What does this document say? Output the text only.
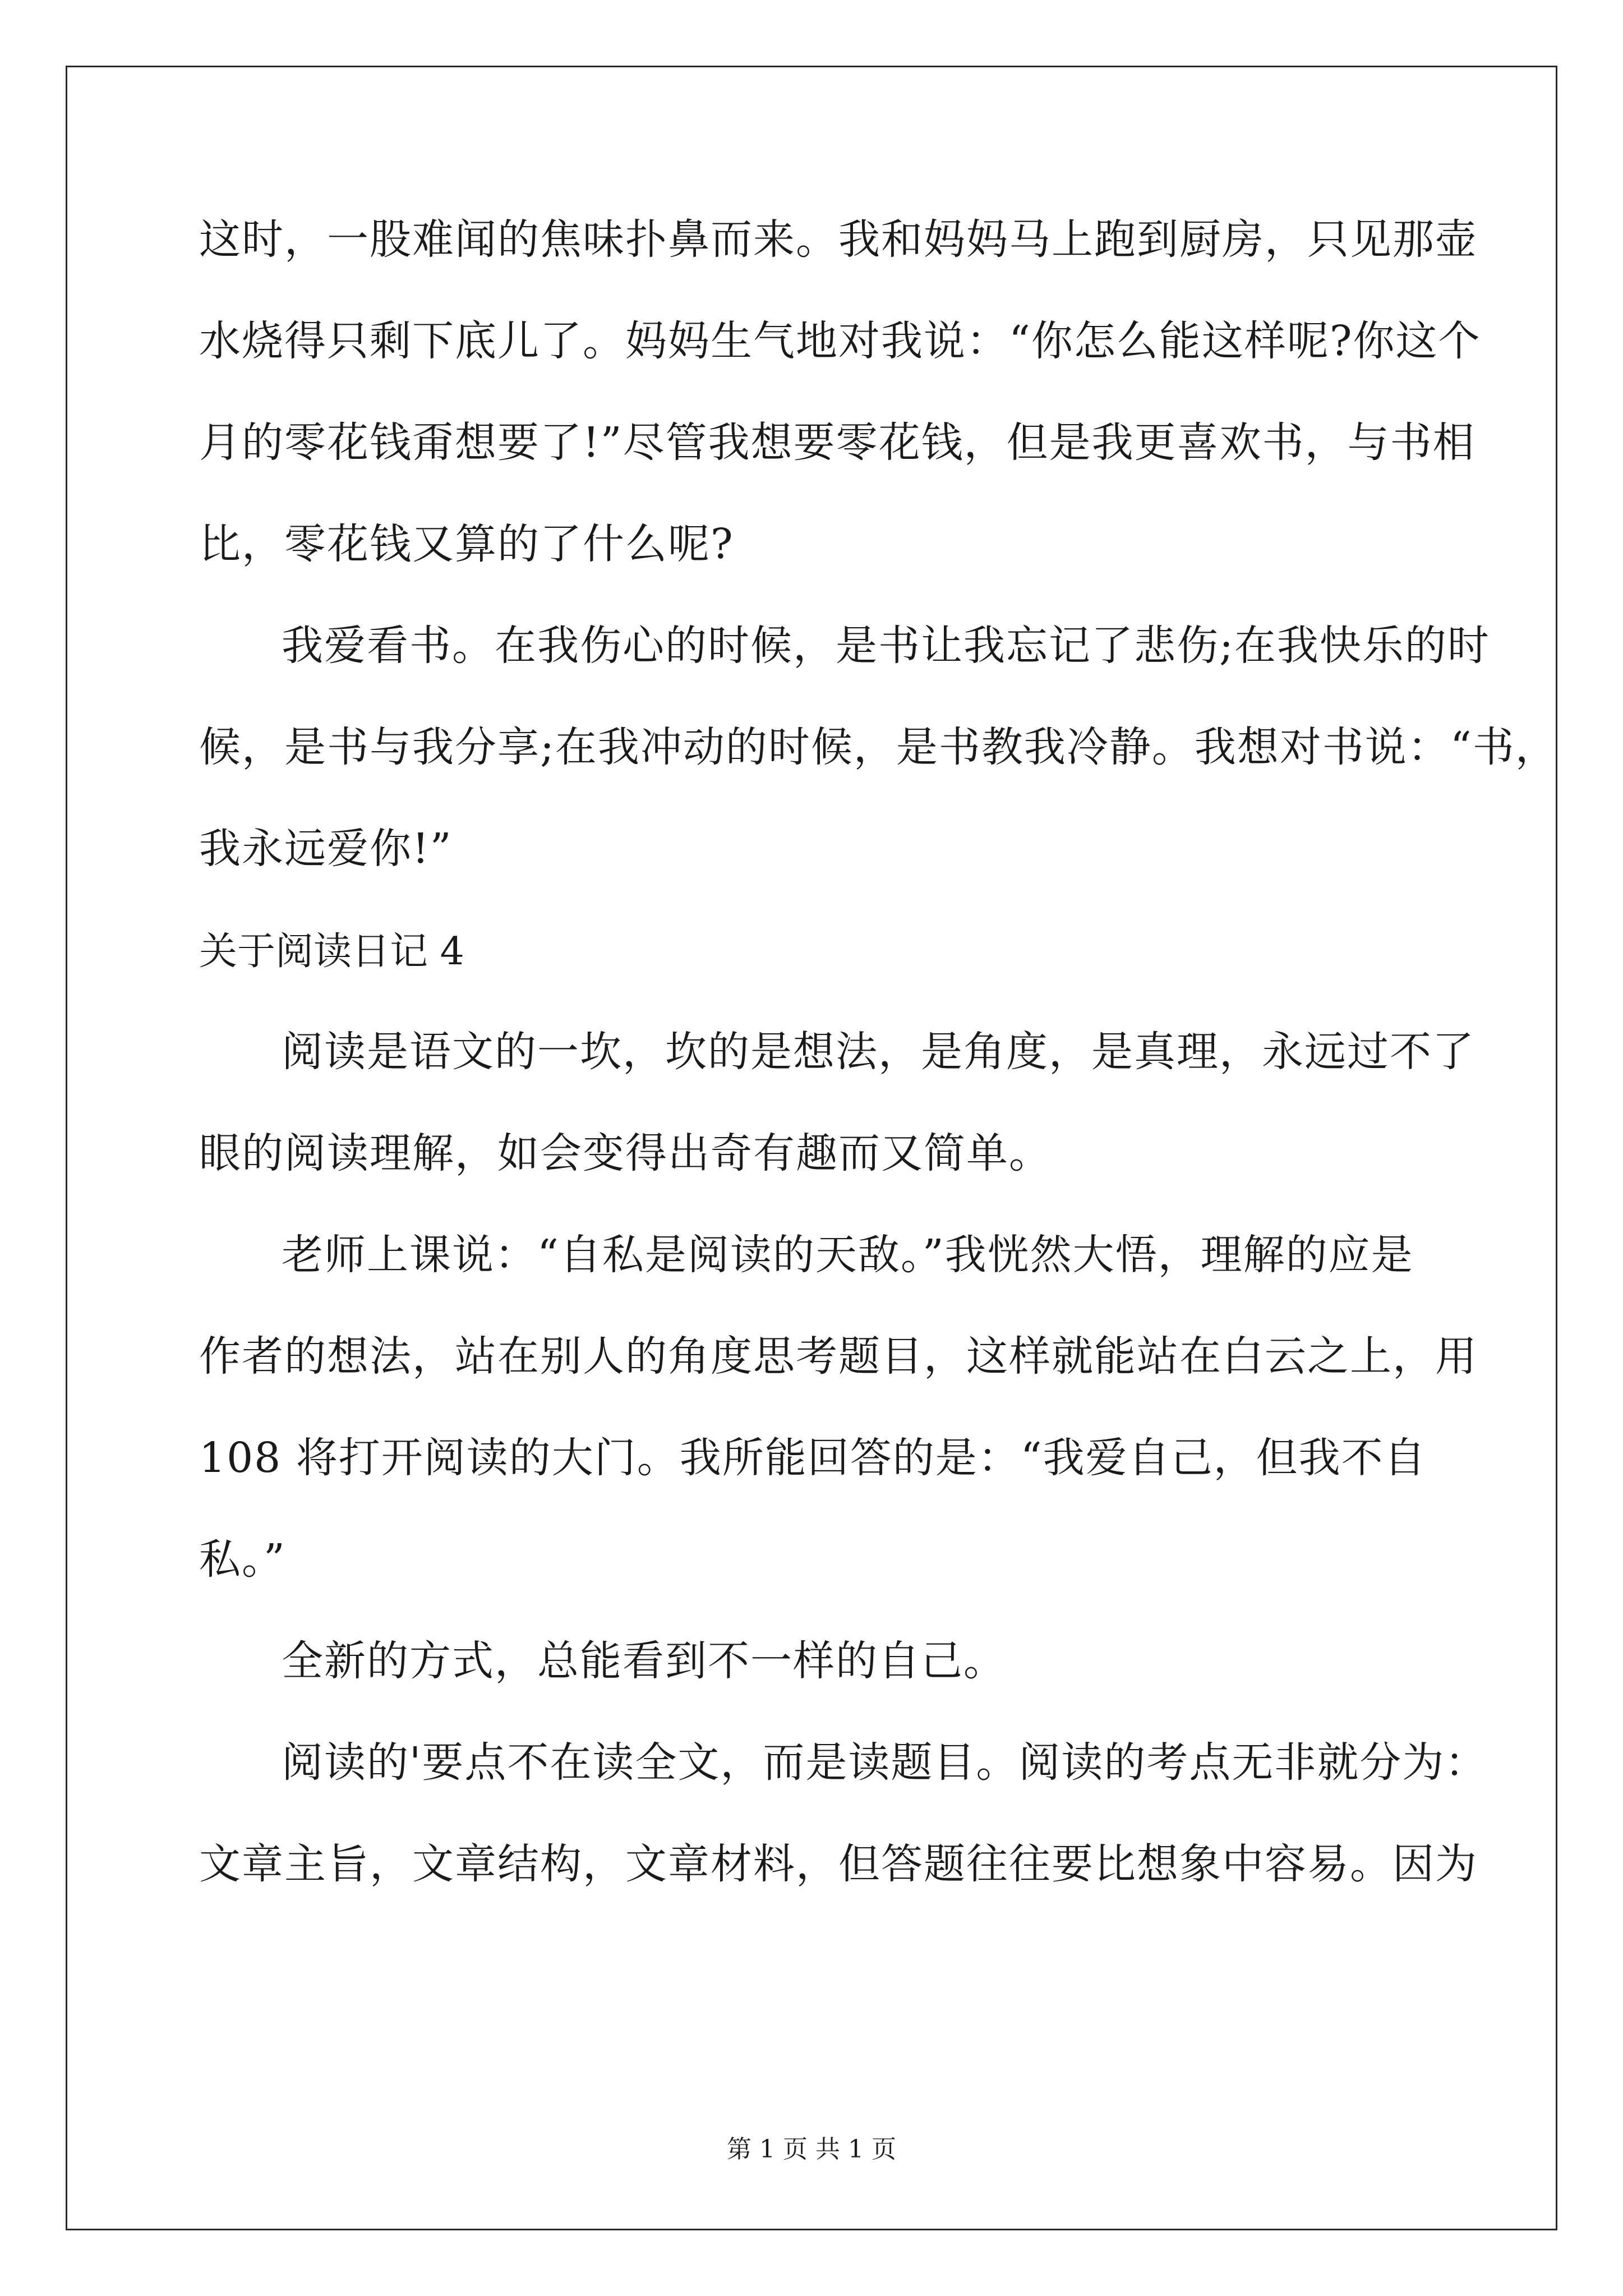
这时，一股难闻的焦味扑鼻而来。我和妈妈马上跑到厨房，只见那壶
水烧得只剩下底儿了。妈妈生气地对我说：“你怎么能这样呢?你这个
月的零花钱甭想要了!”尽管我想要零花钱，但是我更喜欢书，与书相
比，零花钱又算的了什么呢?
我爱看书。在我伤心的时候，是书让我忘记了悲伤;在我快乐的时
候，是书与我分享;在我冲动的时候，是书教我冷静。我想对书说：“书，
我永远爱你!”
关于阅读日记 4
阅读是语文的一坎，坎的是想法，是角度，是真理，永远过不了
眼的阅读理解，如会变得出奇有趣而又简单。
老师上课说：“自私是阅读的天敌。”我恍然大悟，理解的应是
作者的想法，站在别人的角度思考题目，这样就能站在白云之上，用
108 将打开阅读的大门。我所能回答的是：“我爱自己，但我不自
私。”
全新的方式，总能看到不一样的自己。
阅读的'要点不在读全文，而是读题目。阅读的考点无非就分为：
文章主旨，文章结构，文章材料，但答题往往要比想象中容易。因为
第 1 页 共 1 页
